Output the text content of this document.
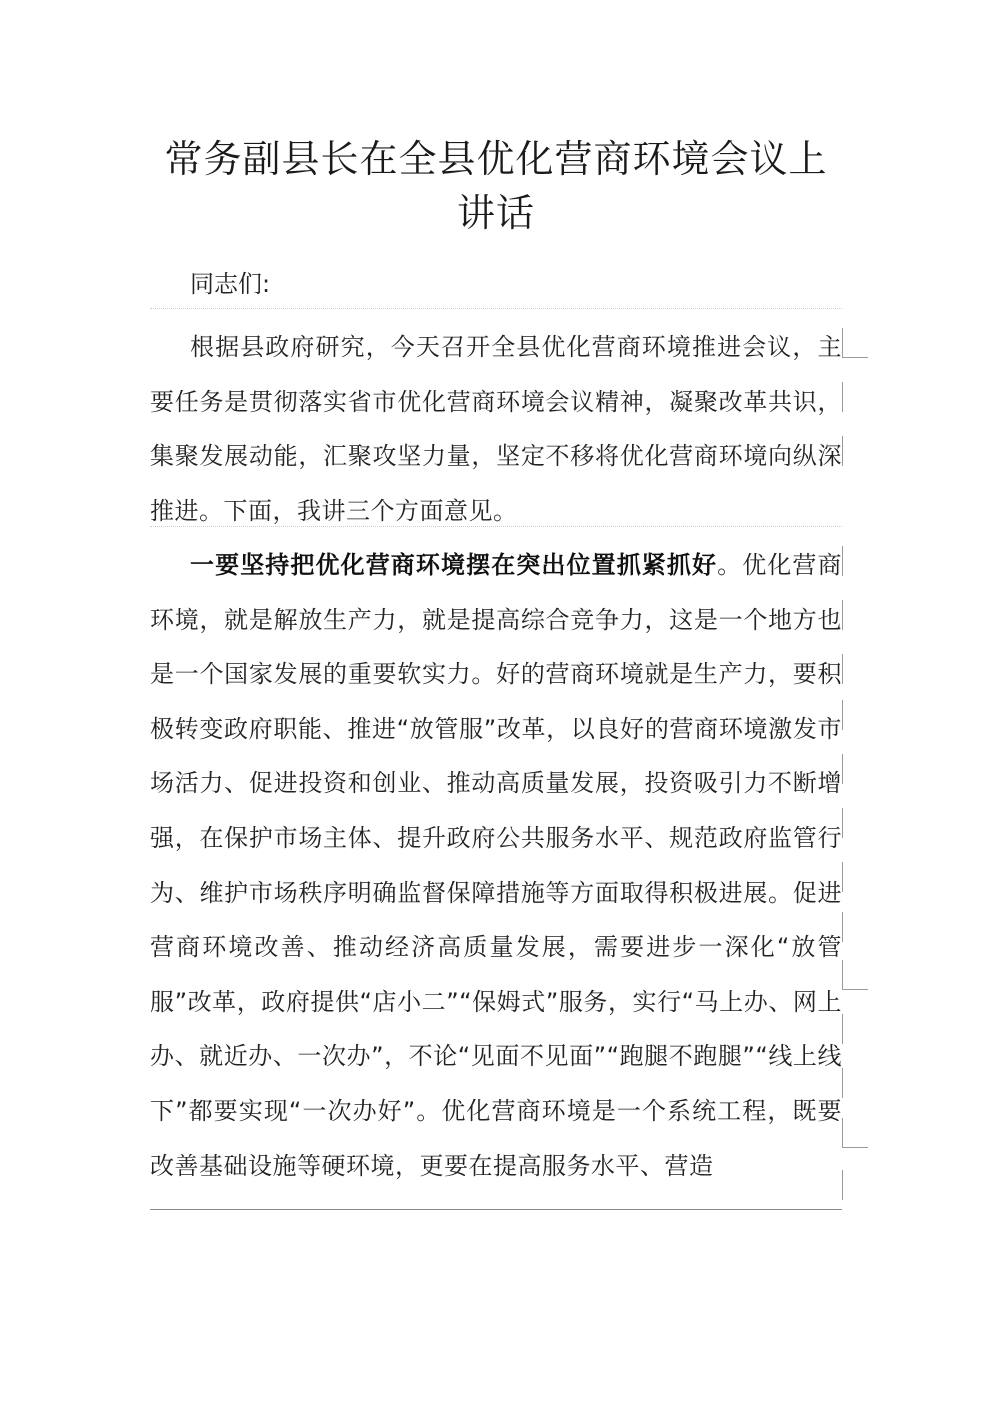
常务副县长在全县优化营商环境会议上讲话
同志们:

根据县政府研究，今天召开全县优化营商环境推进会议，主要任务是贯彻落实省市优化营商环境会议精神，凝聚改革共识，集聚发展动能，汇聚攻坚力量，坚定不移将优化营商环境向纵深推进。下面，我讲三个方面意见。

一要坚持把优化营商环境摆在突出位置抓紧抓好。优化营商环境，就是解放生产力，就是提高综合竞争力，这是一个地方也是一个国家发展的重要软实力。好的营商环境就是生产力，要积极转变政府职能、推进“放管服”改革，以良好的营商环境激发市场活力、促进投资和创业、推动高质量发展，投资吸引力不断增强，在保护市场主体、提升政府公共服务水平、规范政府监管行为、维护市场秩序明确监督保障措施等方面取得积极进展。促进营商环境改善、推动经济高质量发展，需要进步一深化“放管服”改革，政府提供“店小二”“保姆式”服务，实行“马上办、网上办、就近办、一次办”，不论“见面不见面”“跑腿不跑腿”“线上线下”都要实现“一次办好”。优化营商环境是一个系统工程，既要改善基础设施等硬环境，更要在提高服务水平、营造
